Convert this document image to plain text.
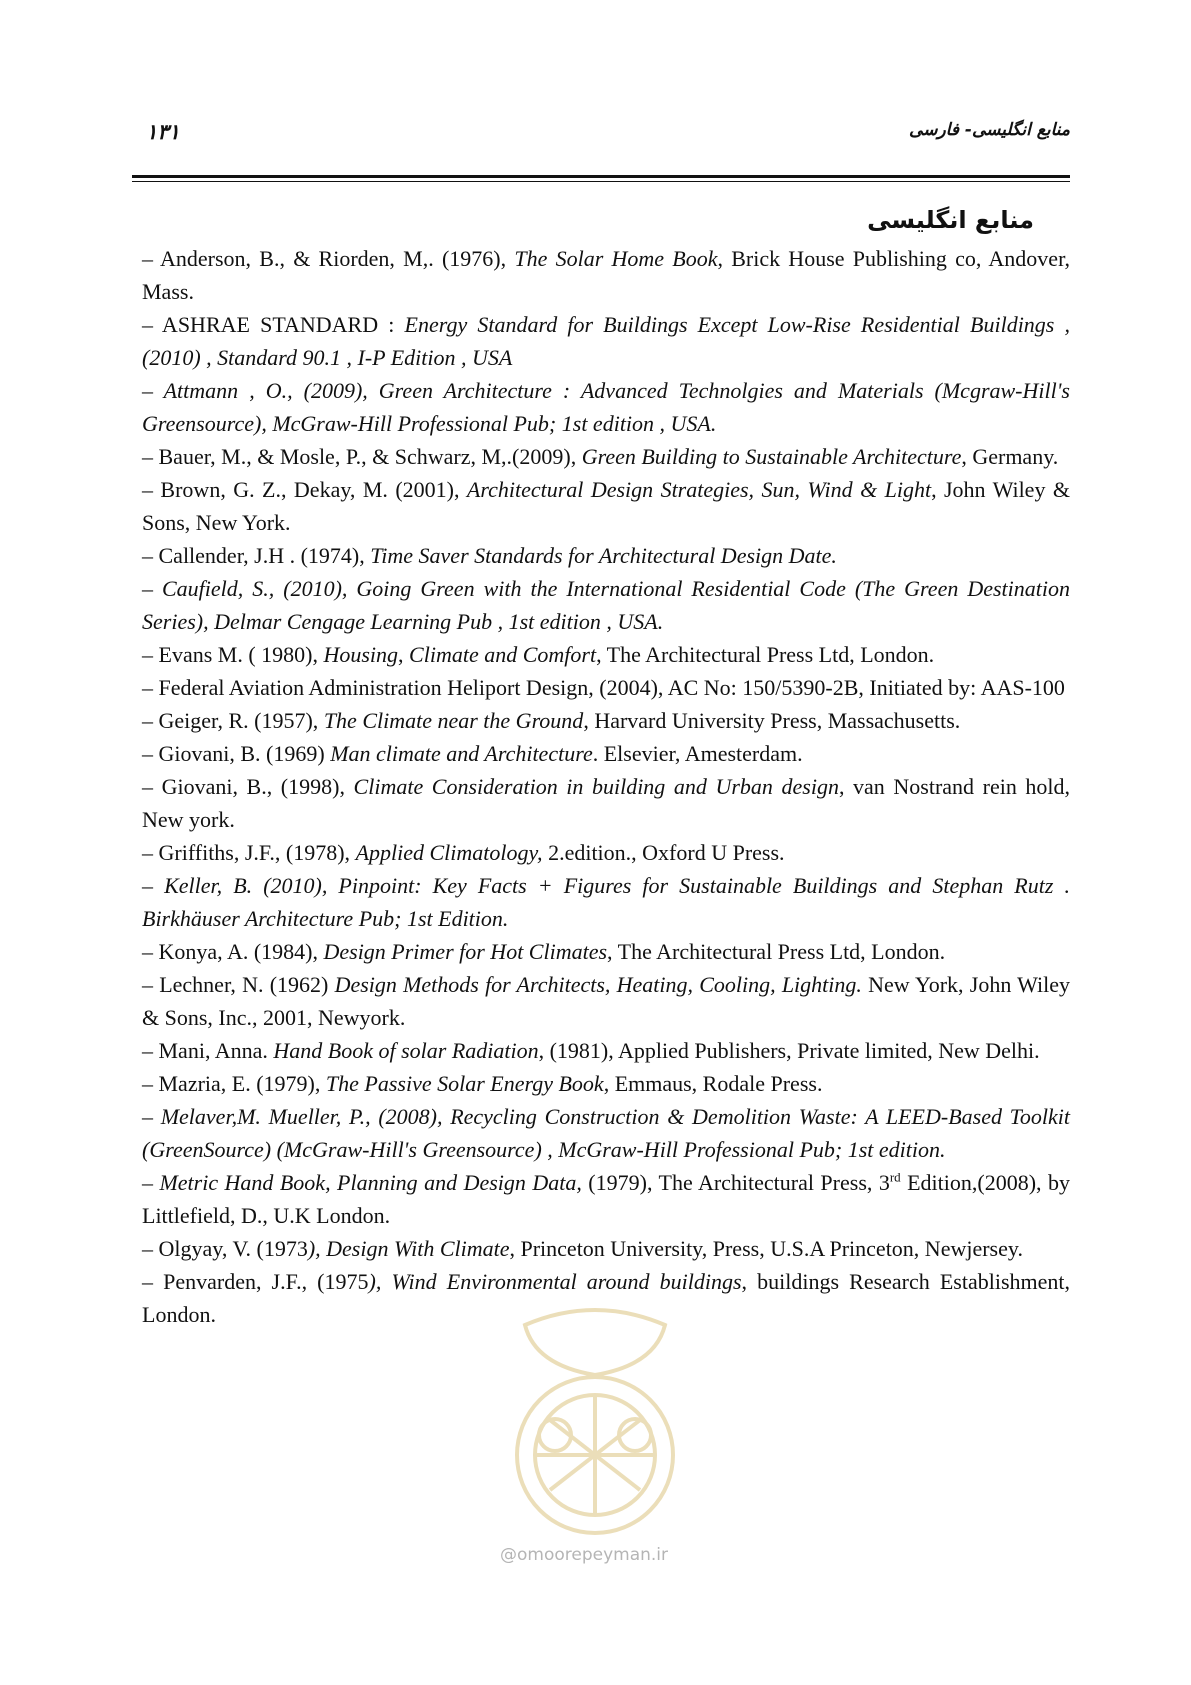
۱۳۱	منابع انگلیسی- فارسی
منابع انگلیسی

– Anderson, B., & Riorden, M,. (1976), The Solar Home Book, Brick House Publishing co, Andover, Mass.

– ASHRAE STANDARD : Energy Standard for Buildings Except Low-Rise Residential Buildings , (2010) , Standard 90.1 , I-P Edition , USA

– Attmann , O., (2009), Green Architecture : Advanced Technolgies and Materials (Mcgraw-Hill's Greensource), McGraw-Hill Professional Pub; 1st edition , USA.

– Bauer, M., & Mosle, P., & Schwarz, M,.(2009), Green Building to Sustainable Architecture, Germany.

– Brown, G. Z., Dekay, M. (2001), Architectural Design Strategies, Sun, Wind & Light, John Wiley & Sons, New York.

– Callender, J.H . (1974), Time Saver Standards for Architectural Design Date.

– Caufield, S., (2010), Going Green with the International Residential Code (The Green Destination Series), Delmar Cengage Learning Pub , 1st edition , USA.

– Evans M. ( 1980), Housing, Climate and Comfort, The Architectural Press Ltd, London.

– Federal Aviation Administration Heliport Design, (2004), AC No: 150/5390-2B, Initiated by: AAS-100

– Geiger, R. (1957), The Climate near the Ground, Harvard University Press, Massachusetts.

– Giovani, B. (1969) Man climate and Architecture. Elsevier, Amesterdam.

– Giovani, B., (1998), Climate Consideration in building and Urban design, van Nostrand rein hold, New york.

– Griffiths, J.F., (1978), Applied Climatology, 2.edition., Oxford U Press.

– Keller, B. (2010), Pinpoint: Key Facts + Figures for Sustainable Buildings and Stephan Rutz . Birkhäuser Architecture Pub; 1st Edition.

– Konya, A. (1984), Design Primer for Hot Climates, The Architectural Press Ltd, London.

– Lechner, N. (1962) Design Methods for Architects, Heating, Cooling, Lighting. New York, John Wiley & Sons, Inc., 2001, Newyork.

– Mani, Anna. Hand Book of solar Radiation, (1981), Applied Publishers, Private limited, New Delhi.

– Mazria, E. (1979), The Passive Solar Energy Book, Emmaus, Rodale Press.

– Melaver,M. Mueller, P., (2008), Recycling Construction & Demolition Waste: A LEED-Based Toolkit (GreenSource) (McGraw-Hill's Greensource) , McGraw-Hill Professional Pub; 1st edition.

– Metric Hand Book, Planning and Design Data, (1979), The Architectural Press, 3rd Edition,(2008), by Littlefield, D., U.K London.

– Olgyay, V. (1973), Design With Climate, Princeton University, Press, U.S.A Princeton, Newjersey.

– Penvarden, J.F., (1975), Wind Environmental around buildings, buildings Research Establishment, London.

@omoorepeyman.ir
